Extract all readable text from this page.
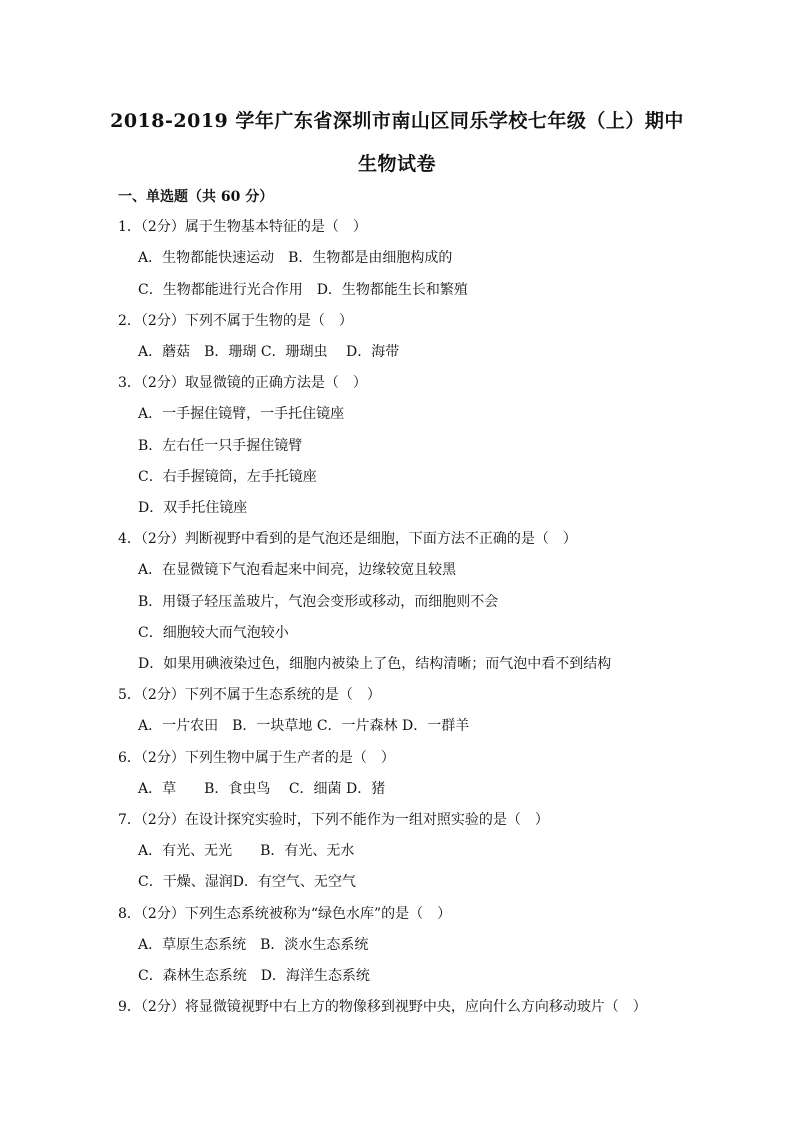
2018-2019 学年广东省深圳市南山区同乐学校七年级（上）期中
生物试卷
一、单选题（共 60 分）
1．（2分）属于生物基本特征的是（　）
A．生物都能快速运动　B．生物都是由细胞构成的
C．生物都能进行光合作用　D．生物都能生长和繁殖
2．（2分）下列不属于生物的是（　）
A．蘑菇　B．珊瑚 C．珊瑚虫　 D．海带
3．（2分）取显微镜的正确方法是（　）
A．一手握住镜臂，一手托住镜座
B．左右任一只手握住镜臂
C．右手握镜筒，左手托镜座
D．双手托住镜座
4．（2分）判断视野中看到的是气泡还是细胞，下面方法不正确的是（　）
A．在显微镜下气泡看起来中间亮，边缘较宽且较黑
B．用镊子轻压盖玻片，气泡会变形或移动，而细胞则不会
C．细胞较大而气泡较小
D．如果用碘液染过色，细胞内被染上了色，结构清晰；而气泡中看不到结构
5．（2分）下列不属于生态系统的是（　）
A．一片农田　B．一块草地 C．一片森林 D．一群羊
6．（2分）下列生物中属于生产者的是（　）
A．草　　B．食虫鸟　 C．细菌 D．猪
7．（2分）在设计探究实验时，下列不能作为一组对照实验的是（　）
A．有光、无光　　B．有光、无水
C．干燥、湿润D．有空气、无空气
8．（2分）下列生态系统被称为“绿色水库”的是（　）
A．草原生态系统　B．淡水生态系统
C．森林生态系统　D．海洋生态系统
9．（2分）将显微镜视野中右上方的物像移到视野中央，应向什么方向移动玻片（　）
